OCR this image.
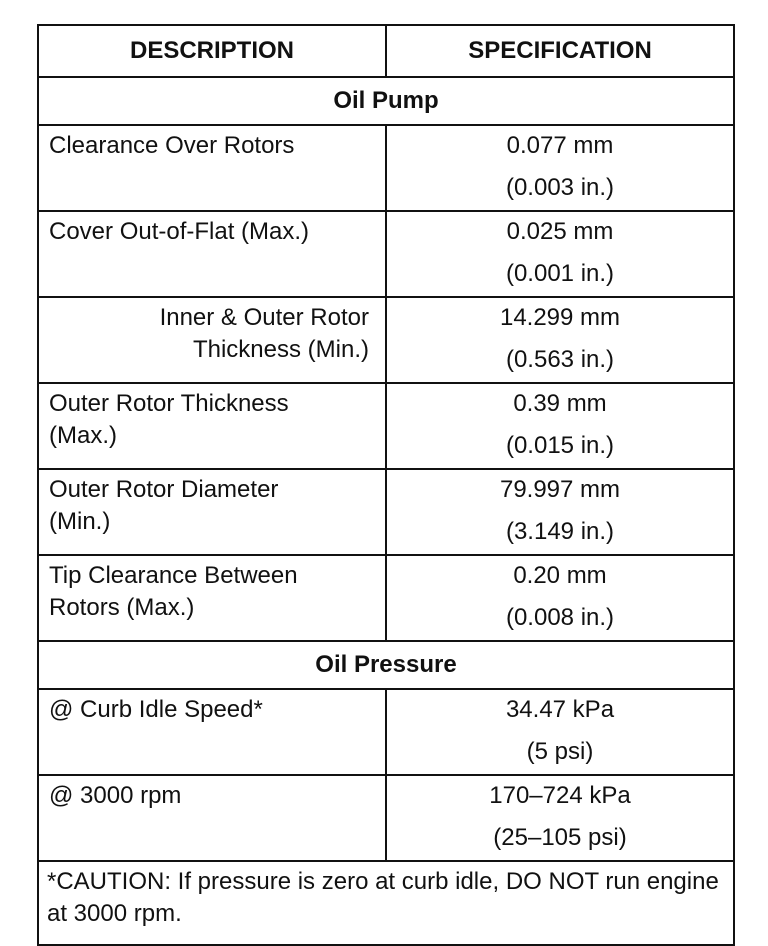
DESCRIPTION	SPECIFICATION
Oil Pump	

Clearance Over Rotors	0.077 mm
(0.003 in.)

Cover Out-of-Flat (Max.)	0.025 mm
(0.001 in.)

Inner & Outer Rotor
Thickness (Min.)	14.299 mm
(0.563 in.)

Outer Rotor Thickness
(Max.)	0.39 mm
(0.015 in.)

Outer Rotor Diameter
(Min.)	79.997 mm
(3.149 in.)

Tip Clearance Between
Rotors (Max.)	0.20 mm
(0.008 in.)

Oil Pressure	

@ Curb Idle Speed*	34.47 kPa
(5 psi)

@ 3000 rpm	170–724 kPa
(25–105 psi)

*CAUTION: If pressure is zero at curb idle, DO NOT run engine at 3000 rpm.	
